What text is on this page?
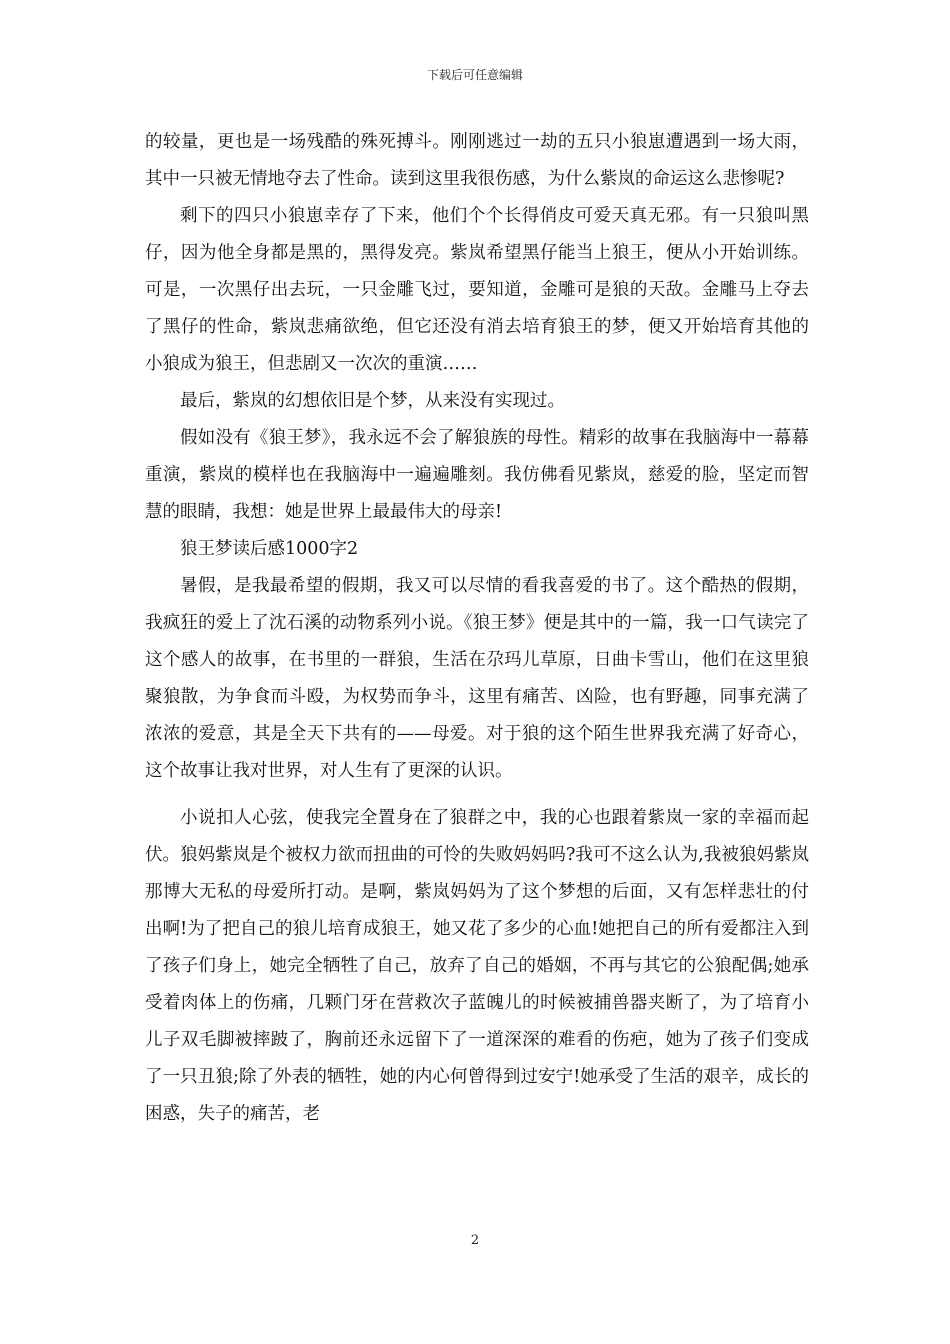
下载后可任意编辑

的较量，更也是一场残酷的殊死搏斗。刚刚逃过一劫的五只小狼崽遭遇到一场大雨，其中一只被无情地夺去了性命。读到这里我很伤感，为什么紫岚的命运这么悲惨呢?

剩下的四只小狼崽幸存了下来，他们个个长得俏皮可爱天真无邪。有一只狼叫黑仔，因为他全身都是黑的，黑得发亮。紫岚希望黑仔能当上狼王，便从小开始训练。可是，一次黑仔出去玩，一只金雕飞过，要知道，金雕可是狼的天敌。金雕马上夺去了黑仔的性命，紫岚悲痛欲绝，但它还没有消去培育狼王的梦，便又开始培育其他的小狼成为狼王，但悲剧又一次次的重演……

最后，紫岚的幻想依旧是个梦，从来没有实现过。

假如没有《狼王梦》，我永远不会了解狼族的母性。精彩的故事在我脑海中一幕幕重演，紫岚的模样也在我脑海中一遍遍雕刻。我仿佛看见紫岚，慈爱的脸，坚定而智慧的眼睛，我想：她是世界上最最伟大的母亲!

狼王梦读后感1000字2

暑假，是我最希望的假期，我又可以尽情的看我喜爱的书了。这个酷热的假期，我疯狂的爱上了沈石溪的动物系列小说。《狼王梦》便是其中的一篇，我一口气读完了这个感人的故事，在书里的一群狼，生活在尕玛儿草原，日曲卡雪山，他们在这里狼聚狼散，为争食而斗殴，为权势而争斗，这里有痛苦、凶险，也有野趣，同事充满了浓浓的爱意，其是全天下共有的——母爱。对于狼的这个陌生世界我充满了好奇心，这个故事让我对世界，对人生有了更深的认识。

小说扣人心弦，使我完全置身在了狼群之中，我的心也跟着紫岚一家的幸福而起伏。狼妈紫岚是个被权力欲而扭曲的可怜的失败妈妈吗?我可不这么认为,我被狼妈紫岚那博大无私的母爱所打动。是啊，紫岚妈妈为了这个梦想的后面，又有怎样悲壮的付出啊!为了把自己的狼儿培育成狼王，她又花了多少的心血!她把自己的所有爱都注入到了孩子们身上，她完全牺牲了自己，放弃了自己的婚姻，不再与其它的公狼配偶;她承受着肉体上的伤痛，几颗门牙在营救次子蓝魄儿的时候被捕兽器夹断了，为了培育小儿子双毛脚被摔跛了，胸前还永远留下了一道深深的难看的伤疤，她为了孩子们变成了一只丑狼;除了外表的牺牲，她的内心何曾得到过安宁!她承受了生活的艰辛，成长的困惑，失子的痛苦，老

2
